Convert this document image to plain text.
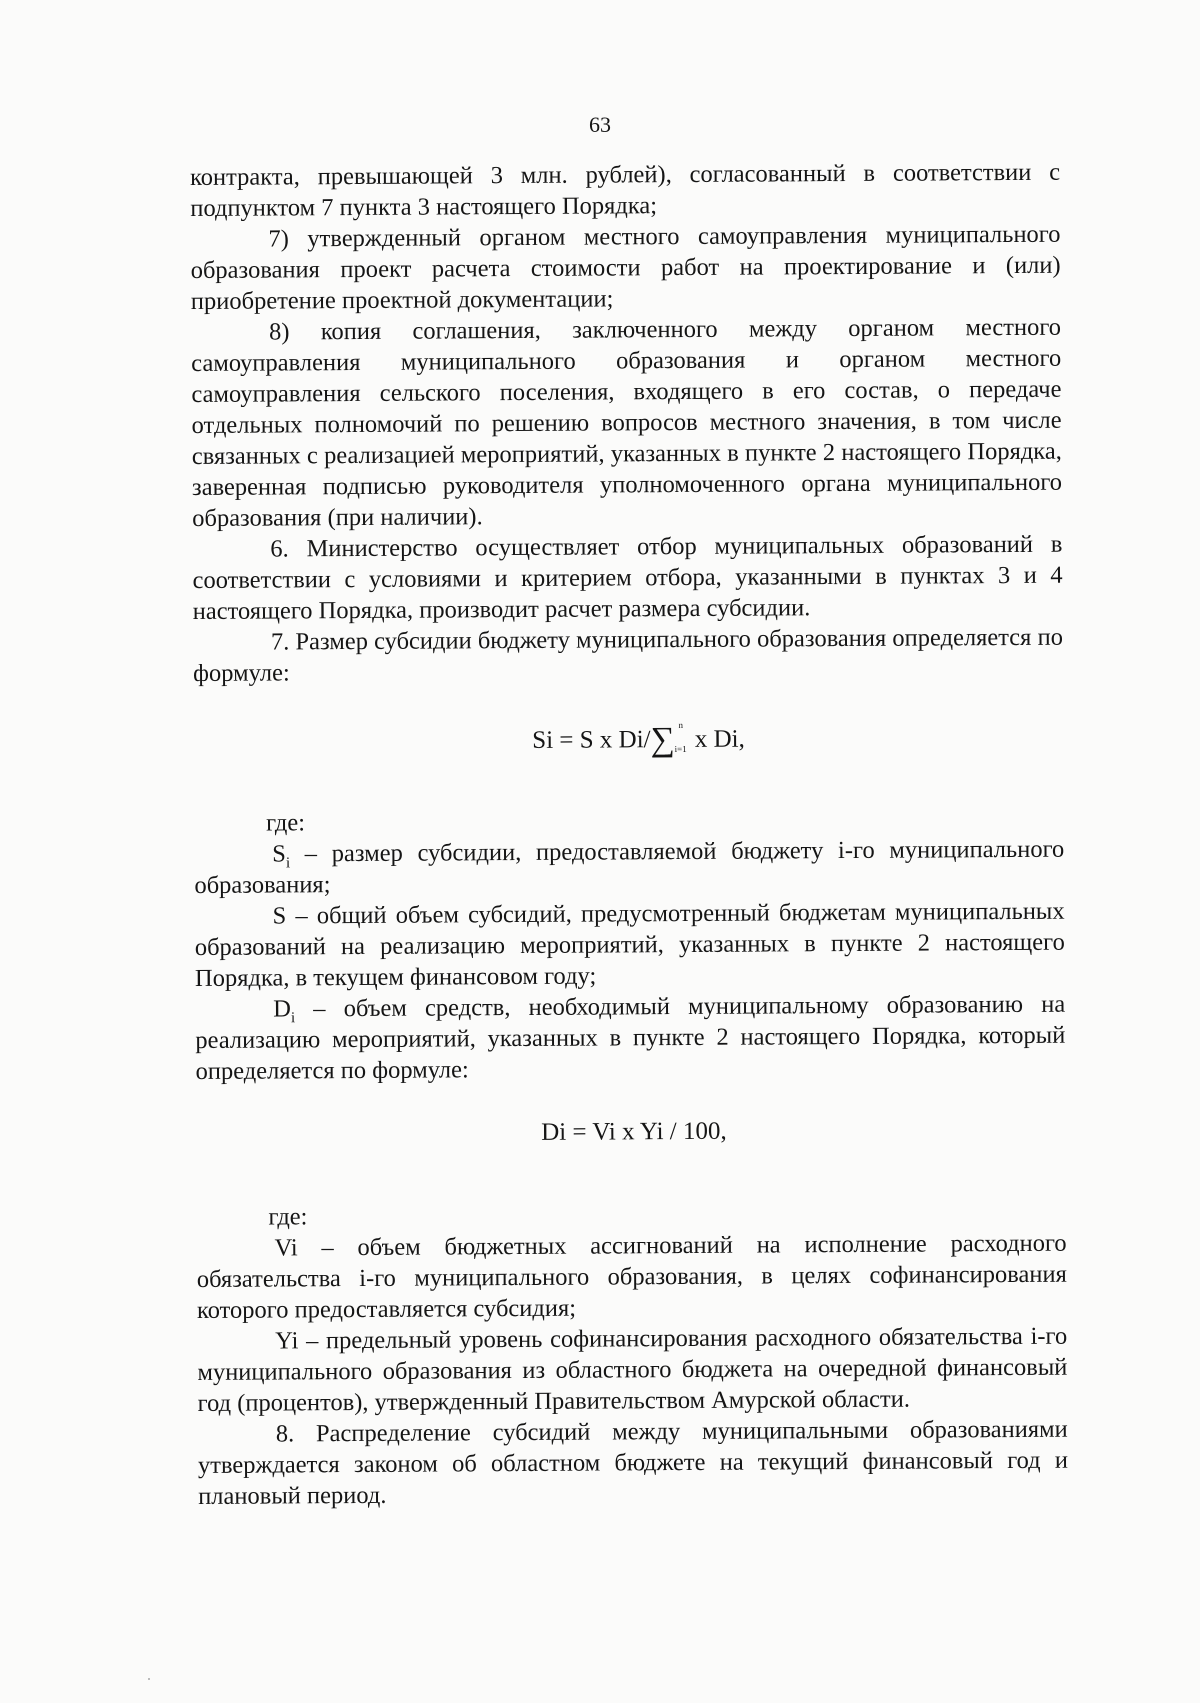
63

контракта, превышающей 3 млн. рублей), согласованный в соответствии с подпунктом 7 пункта 3 настоящего Порядка;

7) утвержденный органом местного самоуправления муниципального образования проект расчета стоимости работ на проектирование и (или) приобретение проектной документации;

8) копия соглашения, заключенного между органом местного самоуправления муниципального образования и органом местного самоуправления сельского поселения, входящего в его состав, о передаче отдельных полномочий по решению вопросов местного значения, в том числе связанных с реализацией мероприятий, указанных в пункте 2 настоящего Порядка, заверенная подписью руководителя уполномоченного органа муниципального образования (при наличии).

6. Министерство осуществляет отбор муниципальных образований в соответствии с условиями и критерием отбора, указанными в пунктах 3 и 4 настоящего Порядка, производит расчет размера субсидии.

7. Размер субсидии бюджету муниципального образования определяется по формуле:

Si = S x Di/∑ n
i=1 x Di,

где:

$S_i$ – размер субсидии, предоставляемой бюджету i-го муниципального образования;

S – общий объем субсидий, предусмотренный бюджетам муниципальных образований на реализацию мероприятий, указанных в пункте 2 настоящего Порядка, в текущем финансовом году;

$D_i$ – объем средств, необходимый муниципальному образованию на реализацию мероприятий, указанных в пункте 2 настоящего Порядка, который определяется по формуле:

Di = Vi x Yi / 100,

где:

Vi – объем бюджетных ассигнований на исполнение расходного обязательства i-го муниципального образования, в целях софинансирования которого предоставляется субсидия;

Yi – предельный уровень софинансирования расходного обязательства i-го муниципального образования из областного бюджета на очередной финансовый год (процентов), утвержденный Правительством Амурской области.

8. Распределение субсидий между муниципальными образованиями утверждается законом об областном бюджете на текущий финансовый год и плановый период.
